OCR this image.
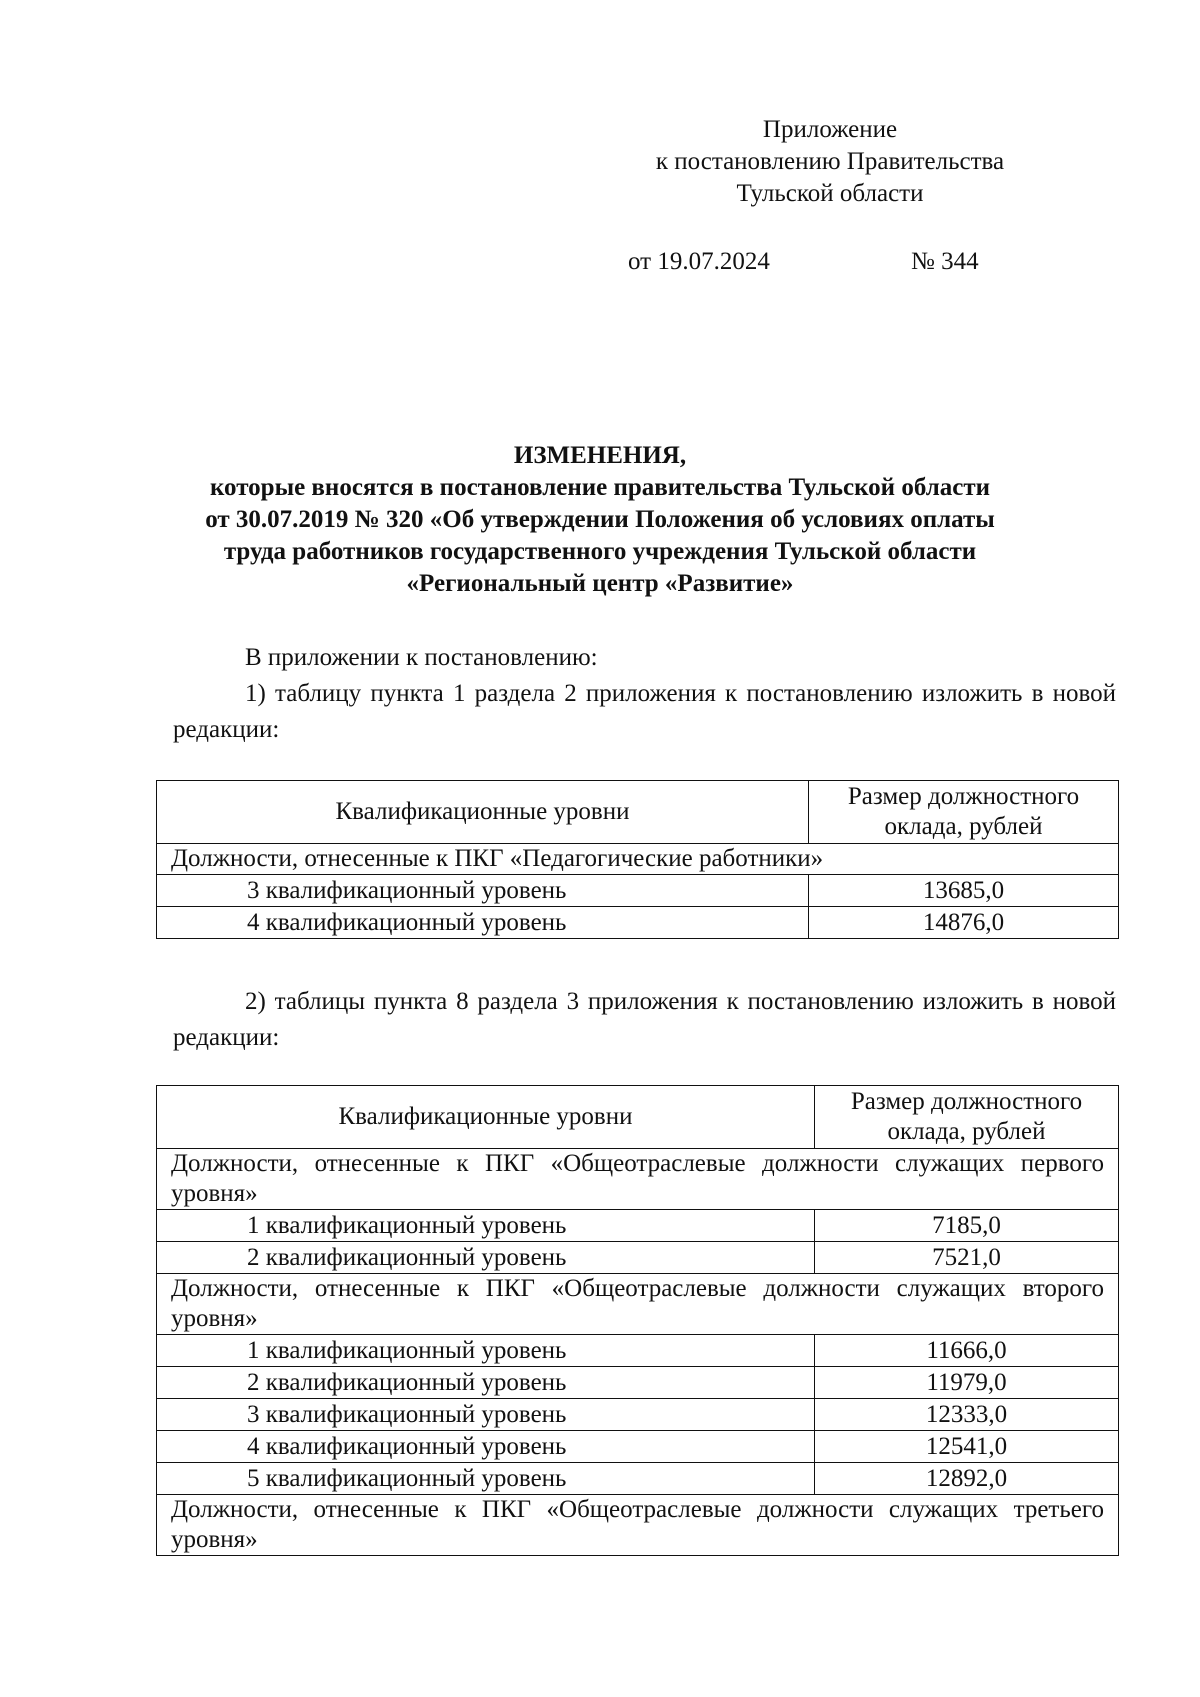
Приложение
к постановлению Правительства
Тульской области
от 19.07.2024	№ 344
ИЗМЕНЕНИЯ,
которые вносятся в постановление правительства Тульской области
от 30.07.2019 № 320 «Об утверждении Положения об условиях оплаты
труда работников государственного учреждения Тульской области
«Региональный центр «Развитие»

В приложении к постановлению:

1) таблицу пункта 1 раздела 2 приложения к постановлению изложить в новой редакции:

Квалификационные уровни	Размер должностного оклада, рублей
Должности, отнесенные к ПКГ «Педагогические работники»	
3 квалификационный уровень	13685,0
4 квалификационный уровень	14876,0

2) таблицы пункта 8 раздела 3 приложения к постановлению изложить в новой редакции:

Квалификационные уровни	Размер должностного оклада, рублей
Должности, отнесенные к ПКГ «Общеотраслевые должности служащих первого уровня»	
1 квалификационный уровень	7185,0
2 квалификационный уровень	7521,0
Должности, отнесенные к ПКГ «Общеотраслевые должности служащих второго уровня»	
1 квалификационный уровень	11666,0
2 квалификационный уровень	11979,0
3 квалификационный уровень	12333,0
4 квалификационный уровень	12541,0
5 квалификационный уровень	12892,0
Должности, отнесенные к ПКГ «Общеотраслевые должности служащих третьего уровня»	
